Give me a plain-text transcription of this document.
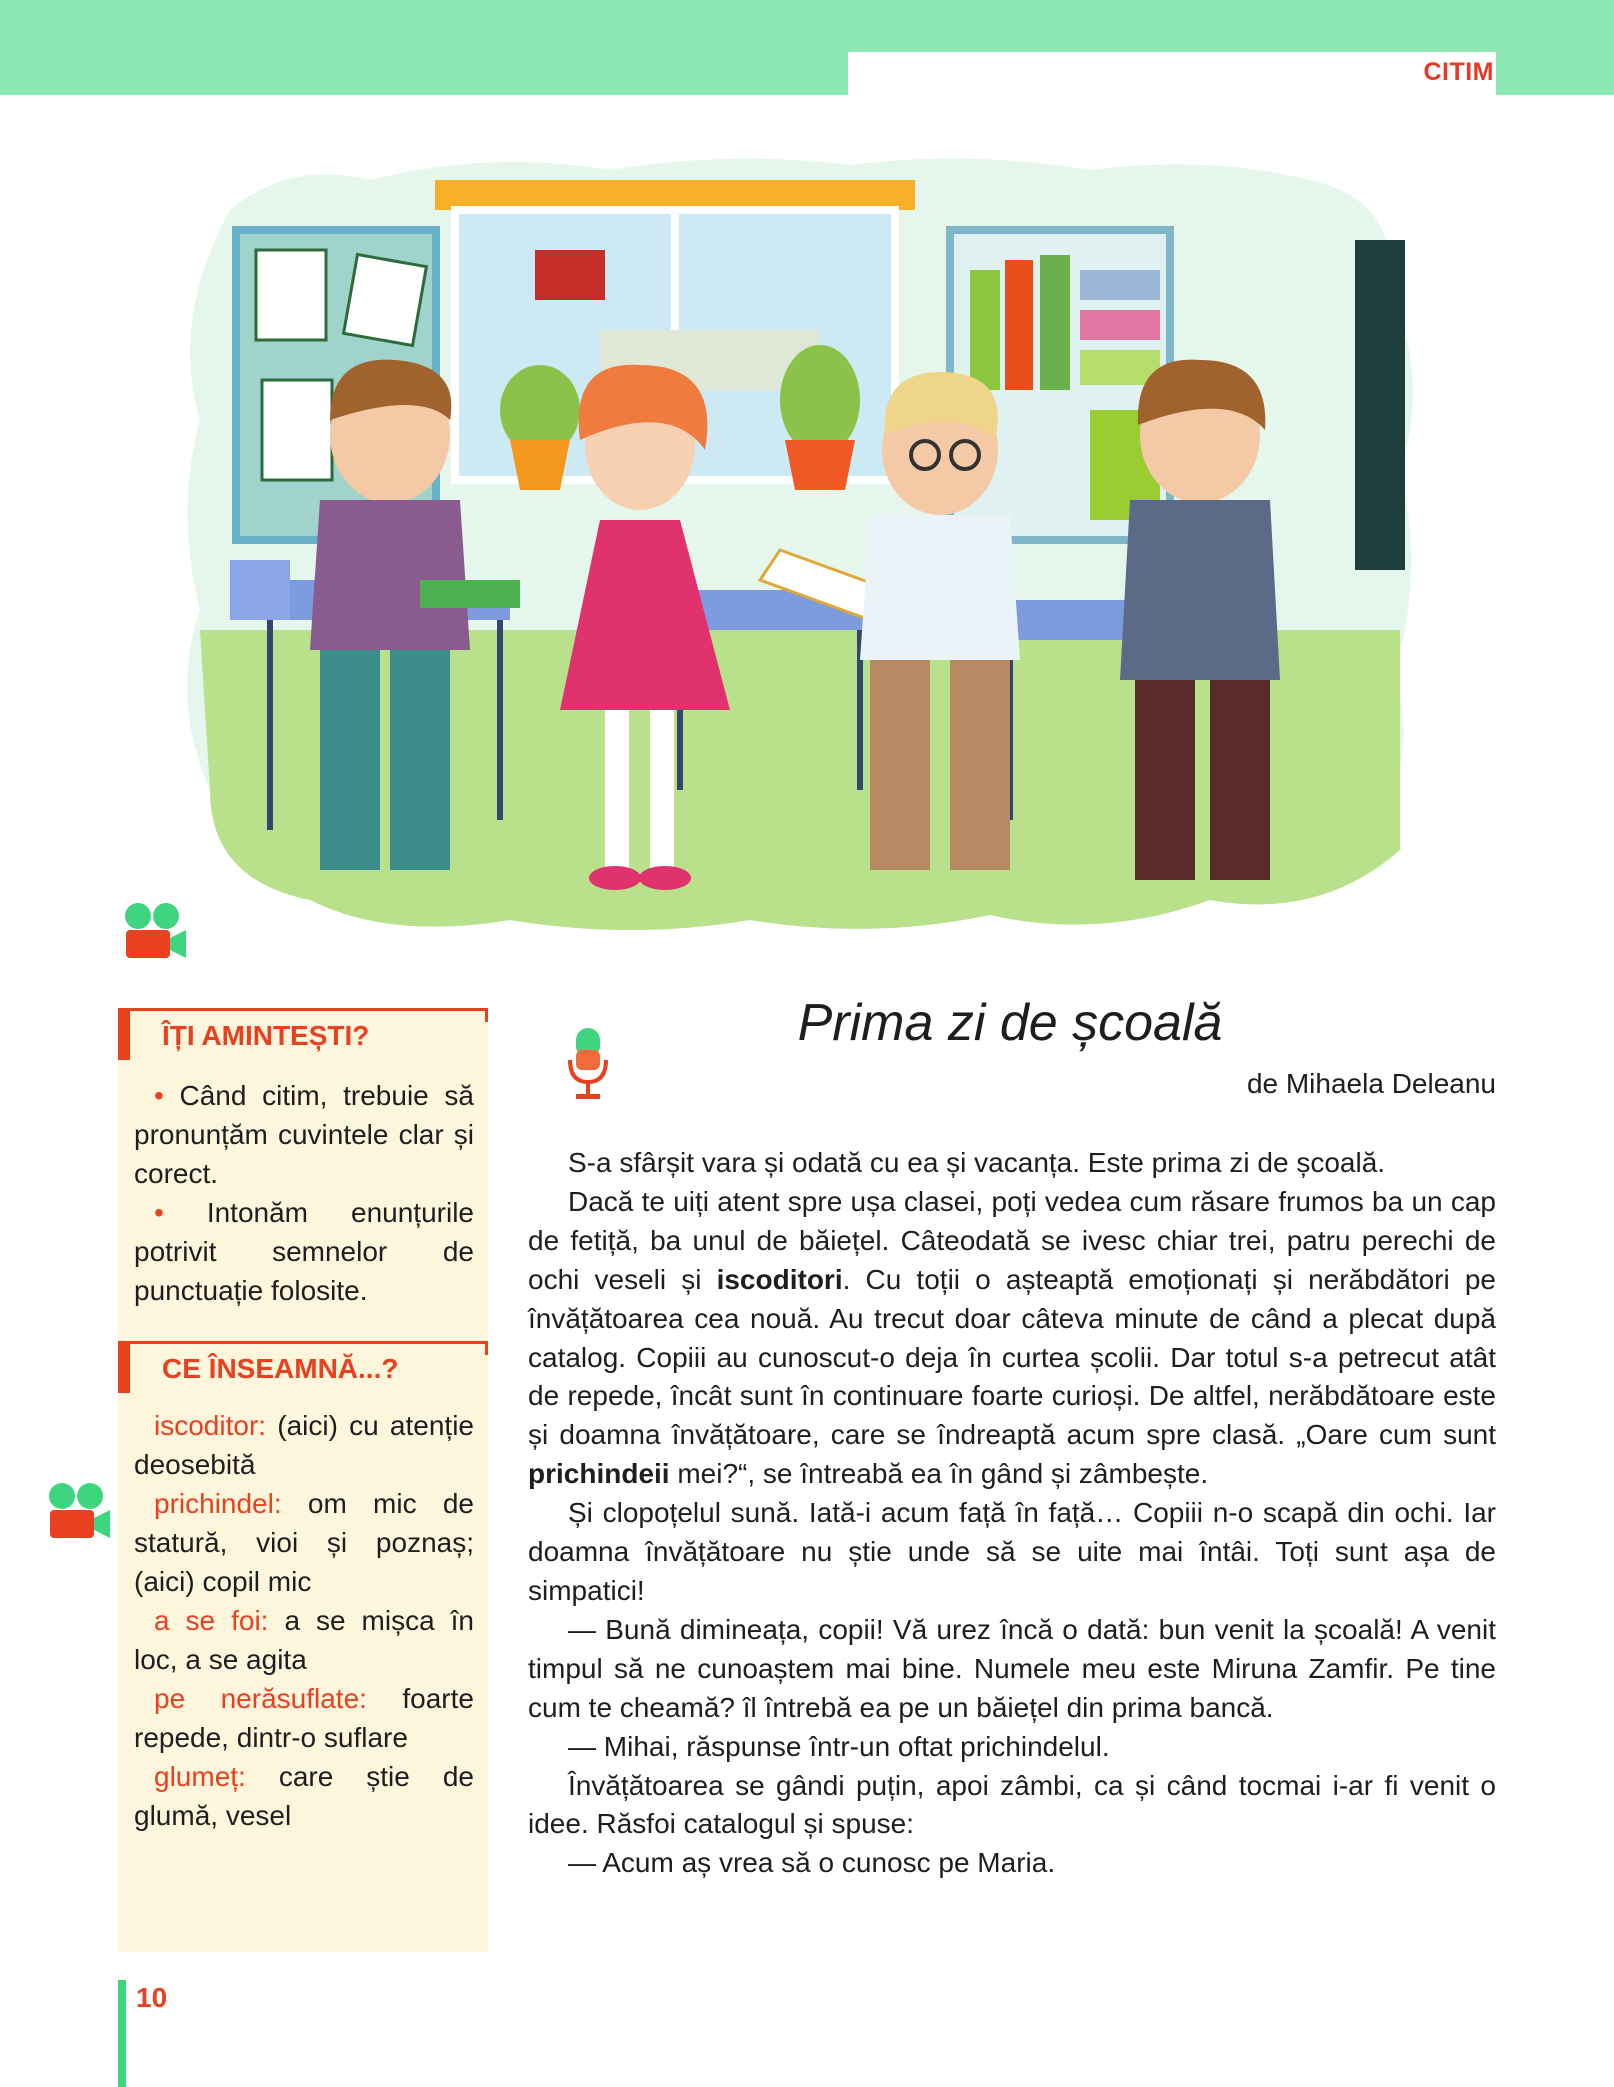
CITIM
ÎȚI AMINTEȘTI?

• Când citim, trebuie să pronunțăm cuvintele clar și corect.

• Intonăm enunțurile potrivit semnelor de punctuație folosite.

CE ÎNSEAMNĂ...?

iscoditor: (aici) cu atenție deosebită

prichindel: om mic de statură, vioi și poznaș; (aici) copil mic

a se foi: a se mișca în loc, a se agita

pe nerăsuflate: foarte repede, dintr-o suflare

glumeț: care știe de glumă, vesel

Prima zi de școală
de Mihaela Deleanu

S-a sfârșit vara și odată cu ea și vacanța. Este prima zi de școală.

Dacă te uiți atent spre ușa clasei, poți vedea cum răsare frumos ba un cap de fetiță, ba unul de băiețel. Câteodată se ivesc chiar trei, patru perechi de ochi veseli și iscoditori. Cu toții o așteaptă emoționați și nerăbdători pe învățătoarea cea nouă. Au trecut doar câteva minute de când a plecat după catalog. Copiii au cunoscut-o deja în curtea școlii. Dar totul s-a petrecut atât de repede, încât sunt în continuare foarte curioși. De altfel, nerăbdătoare este și doamna învățătoare, care se îndreaptă acum spre clasă. „Oare cum sunt prichindeii mei?“, se întreabă ea în gând și zâmbește.

Și clopoțelul sună. Iată-i acum față în față… Copiii n-o scapă din ochi. Iar doamna învățătoare nu știe unde să se uite mai întâi. Toți sunt așa de simpatici!

— Bună dimineața, copii! Vă urez încă o dată: bun venit la școală! A venit timpul să ne cunoaștem mai bine. Numele meu este Miruna Zamfir. Pe tine cum te cheamă? îl întrebă ea pe un băiețel din prima bancă.

— Mihai, răspunse într-un oftat prichindelul.

Învățătoarea se gândi puțin, apoi zâmbi, ca și când tocmai i-ar fi venit o idee. Răsfoi catalogul și spuse:

— Acum aș vrea să o cunosc pe Maria.

10
